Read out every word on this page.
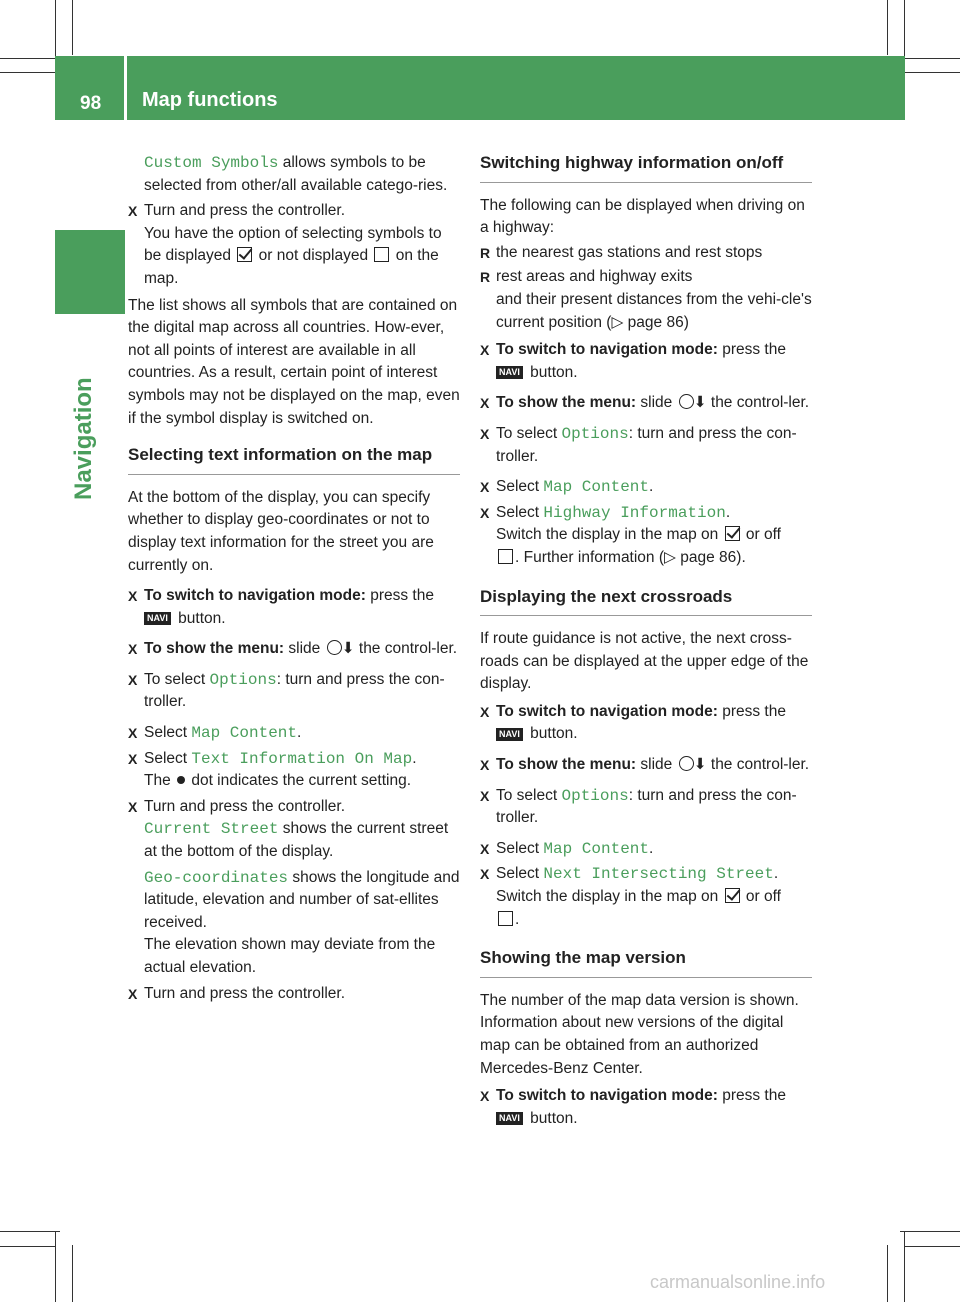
98 Map functions
Navigation

Custom Symbols allows symbols to be selected from other/all available catego-ries.

X Turn and press the controller.
You have the option of selecting symbols to be displayed  or not displayed  on the map.

The list shows all symbols that are contained on the digital map across all countries. How-ever, not all points of interest are available in all countries. As a result, certain point of interest symbols may not be displayed on the map, even if the symbol display is switched on.

Selecting text information on the map

At the bottom of the display, you can specify whether to display geo-coordinates or not to display text information for the street you are currently on.

X To switch to navigation mode: press the
NAVI button.
X To show the menu: slide ⬇ the control-ler.
X To select Options: turn and press the con-troller.
X Select Map Content.
X Select Text Information On Map.
The  dot indicates the current setting.
X Turn and press the controller.
Current Street shows the current street at the bottom of the display.
Geo-coordinates shows the longitude and latitude, elevation and number of sat-ellites received.
The elevation shown may deviate from the actual elevation.
X Turn and press the controller.
Switching highway information on/off

The following can be displayed when driving on a highway:

R the nearest gas stations and rest stops
R rest areas and highway exits
and their present distances from the vehi-cle's current position (▷ page 86)
X To switch to navigation mode: press the
NAVI button.
X To show the menu: slide ⬇ the control-ler.
X To select Options: turn and press the con-troller.
X Select Map Content.
X Select Highway Information.
Switch the display in the map on  or off
. Further information (▷ page 86).
Displaying the next crossroads

If route guidance is not active, the next cross-roads can be displayed at the upper edge of the display.

X To switch to navigation mode: press the
NAVI button.
X To show the menu: slide ⬇ the control-ler.
X To select Options: turn and press the con-troller.
X Select Map Content.
X Select Next Intersecting Street.
Switch the display in the map on  or off
.
Showing the map version

The number of the map data version is shown. Information about new versions of the digital map can be obtained from an authorized Mercedes-Benz Center.

X To switch to navigation mode: press the
NAVI button.
carmanualsonline.info
